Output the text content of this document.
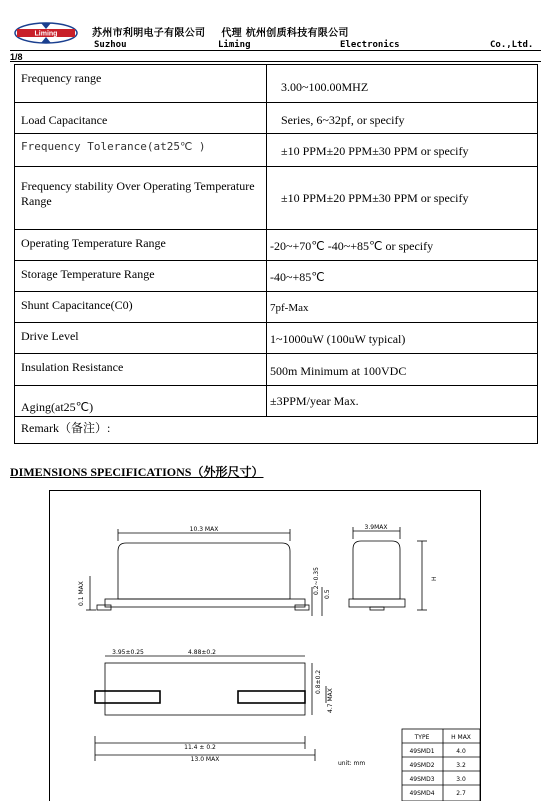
Liming	苏州市利明电子有限公司 代理 杭州创质科技有限公司
Suzhou	Liming	Electronics	Co.,Ltd.
1/8
Frequency range	3.00~100.00MHZ
Load Capacitance	Series, 6~32pf, or specify
Frequency Tolerance(at25℃ )	±10 PPM±20 PPM±30 PPM or specify
Frequency stability Over Operating Temperature Range	±10 PPM±20 PPM±30 PPM or specify
Operating Temperature Range	-20~+70℃ -40~+85℃ or specify
Storage Temperature Range	-40~+85℃
Shunt Capacitance(C0)	7pf-Max
Drive Level	1~1000uW (100uW typical)
Insulation Resistance	500m Minimum at 100VDC
Aging(at25℃)	±3PPM/year Max.
Remark（备注）:	
DIMENSIONS SPECIFICATIONS（外形尺寸）
10.3 MAX	3.9MAX
0.1 MAX	0.2~0.35 0.5
H
3.95±0.25	4.88±0.2
0.8±0.2
4.7 MAX
11.4 ± 0.2
13.0 MAX
unit: mm
TYPE	H MAX
49SMD1	4.0
49SMD2	3.2
49SMD3	3.0
49SMD4	2.7
